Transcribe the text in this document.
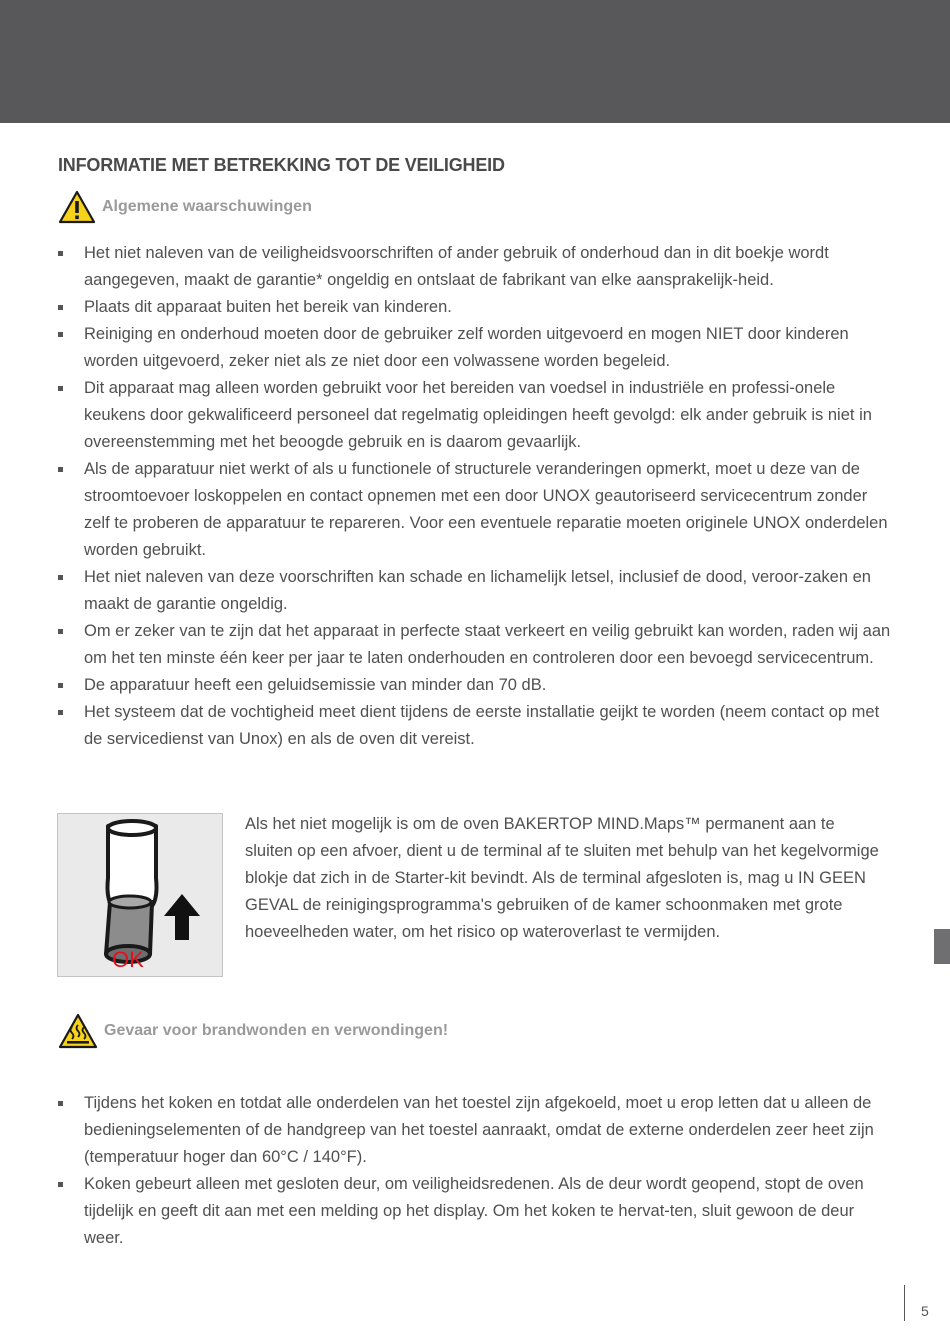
INFORMATIE MET BETREKKING TOT DE VEILIGHEID
Algemene waarschuwingen
Het niet naleven van de veiligheidsvoorschriften of ander gebruik of onderhoud dan in dit boekje wordt aangegeven, maakt de garantie* ongeldig en ontslaat de fabrikant van elke aansprakelijk-heid.
Plaats dit apparaat buiten het bereik van kinderen.
Reiniging en onderhoud moeten door de gebruiker zelf worden uitgevoerd en mogen NIET door kinderen worden uitgevoerd, zeker niet als ze niet door een volwassene worden begeleid.
Dit apparaat mag alleen worden gebruikt voor het bereiden van voedsel in industriële en professi-onele keukens door gekwalificeerd personeel dat regelmatig opleidingen heeft gevolgd: elk ander gebruik is niet in overeenstemming met het beoogde gebruik en is daarom gevaarlijk.
Als de apparatuur niet werkt of als u functionele of structurele veranderingen opmerkt, moet u deze van de stroomtoevoer loskoppelen en contact opnemen met een door UNOX geautoriseerd servicecentrum zonder zelf te proberen de apparatuur te repareren. Voor een eventuele reparatie moeten originele UNOX onderdelen worden gebruikt.
Het niet naleven van deze voorschriften kan schade en lichamelijk letsel, inclusief de dood, veroor-zaken en maakt de garantie ongeldig.
Om er zeker van te zijn dat het apparaat in perfecte staat verkeert en veilig gebruikt kan worden, raden wij aan om het ten minste één keer per jaar te laten onderhouden en controleren door een bevoegd servicecentrum.
De apparatuur heeft een geluidsemissie van minder dan 70 dB.
Het systeem dat de vochtigheid meet dient tijdens de eerste installatie geijkt te worden (neem contact op met de servicedienst van Unox) en als de oven dit vereist.
OK

Als het niet mogelijk is om de oven BAKERTOP MIND.Maps™ permanent aan te sluiten op een afvoer, dient u de terminal af te sluiten met behulp van het kegelvormige blokje dat zich in de Starter-kit bevindt. Als de terminal afgesloten is, mag u IN GEEN GEVAL de reinigingsprogramma's gebruiken of de kamer schoonmaken met grote hoeveelheden water, om het risico op wateroverlast te vermijden.

Gevaar voor brandwonden en verwondingen!
Tijdens het koken en totdat alle onderdelen van het toestel zijn afgekoeld, moet u erop letten dat u alleen de bedieningselementen of de handgreep van het toestel aanraakt, omdat de externe onderdelen zeer heet zijn (temperatuur hoger dan 60°C / 140°F).
Koken gebeurt alleen met gesloten deur, om veiligheidsredenen. Als de deur wordt geopend, stopt de oven tijdelijk en geeft dit aan met een melding op het display. Om het koken te hervat-ten, sluit gewoon de deur weer.
5
